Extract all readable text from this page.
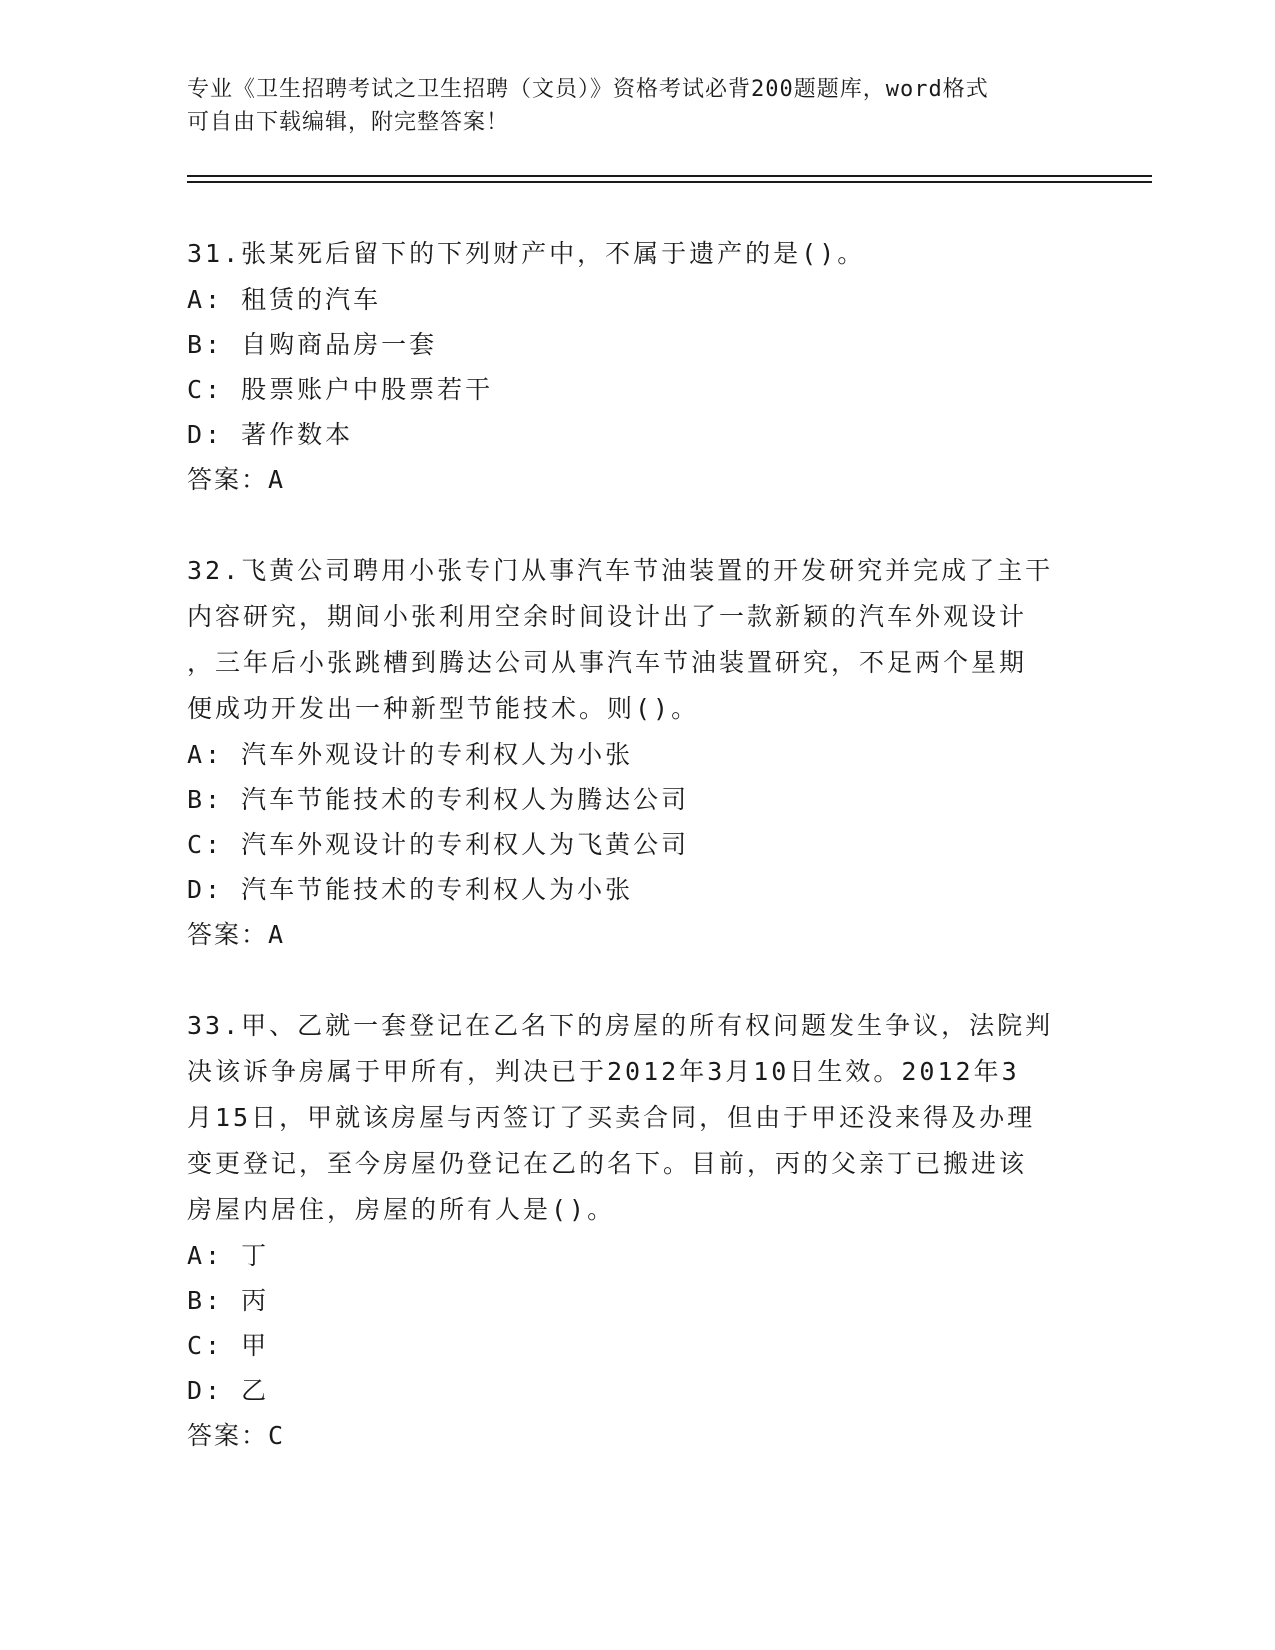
专业《卫生招聘考试之卫生招聘（文员）》资格考试必背200题题库，word格式
可自由下载编辑，附完整答案！

31.张某死后留下的下列财产中，不属于遗产的是()。

A: 租赁的汽车

B: 自购商品房一套

C: 股票账户中股票若干

D: 著作数本

答案：A

32.飞黄公司聘用小张专门从事汽车节油装置的开发研究并完成了主干

内容研究，期间小张利用空余时间设计出了一款新颖的汽车外观设计

，三年后小张跳槽到腾达公司从事汽车节油装置研究，不足两个星期

便成功开发出一种新型节能技术。则()。

A: 汽车外观设计的专利权人为小张

B: 汽车节能技术的专利权人为腾达公司

C: 汽车外观设计的专利权人为飞黄公司

D: 汽车节能技术的专利权人为小张

答案：A

33.甲、乙就一套登记在乙名下的房屋的所有权问题发生争议，法院判

决该诉争房属于甲所有，判决已于2012年3月10日生效。2012年3

月15日，甲就该房屋与丙签订了买卖合同，但由于甲还没来得及办理

变更登记，至今房屋仍登记在乙的名下。目前，丙的父亲丁已搬进该

房屋内居住，房屋的所有人是()。

A: 丁

B: 丙

C: 甲

D: 乙

答案：C
